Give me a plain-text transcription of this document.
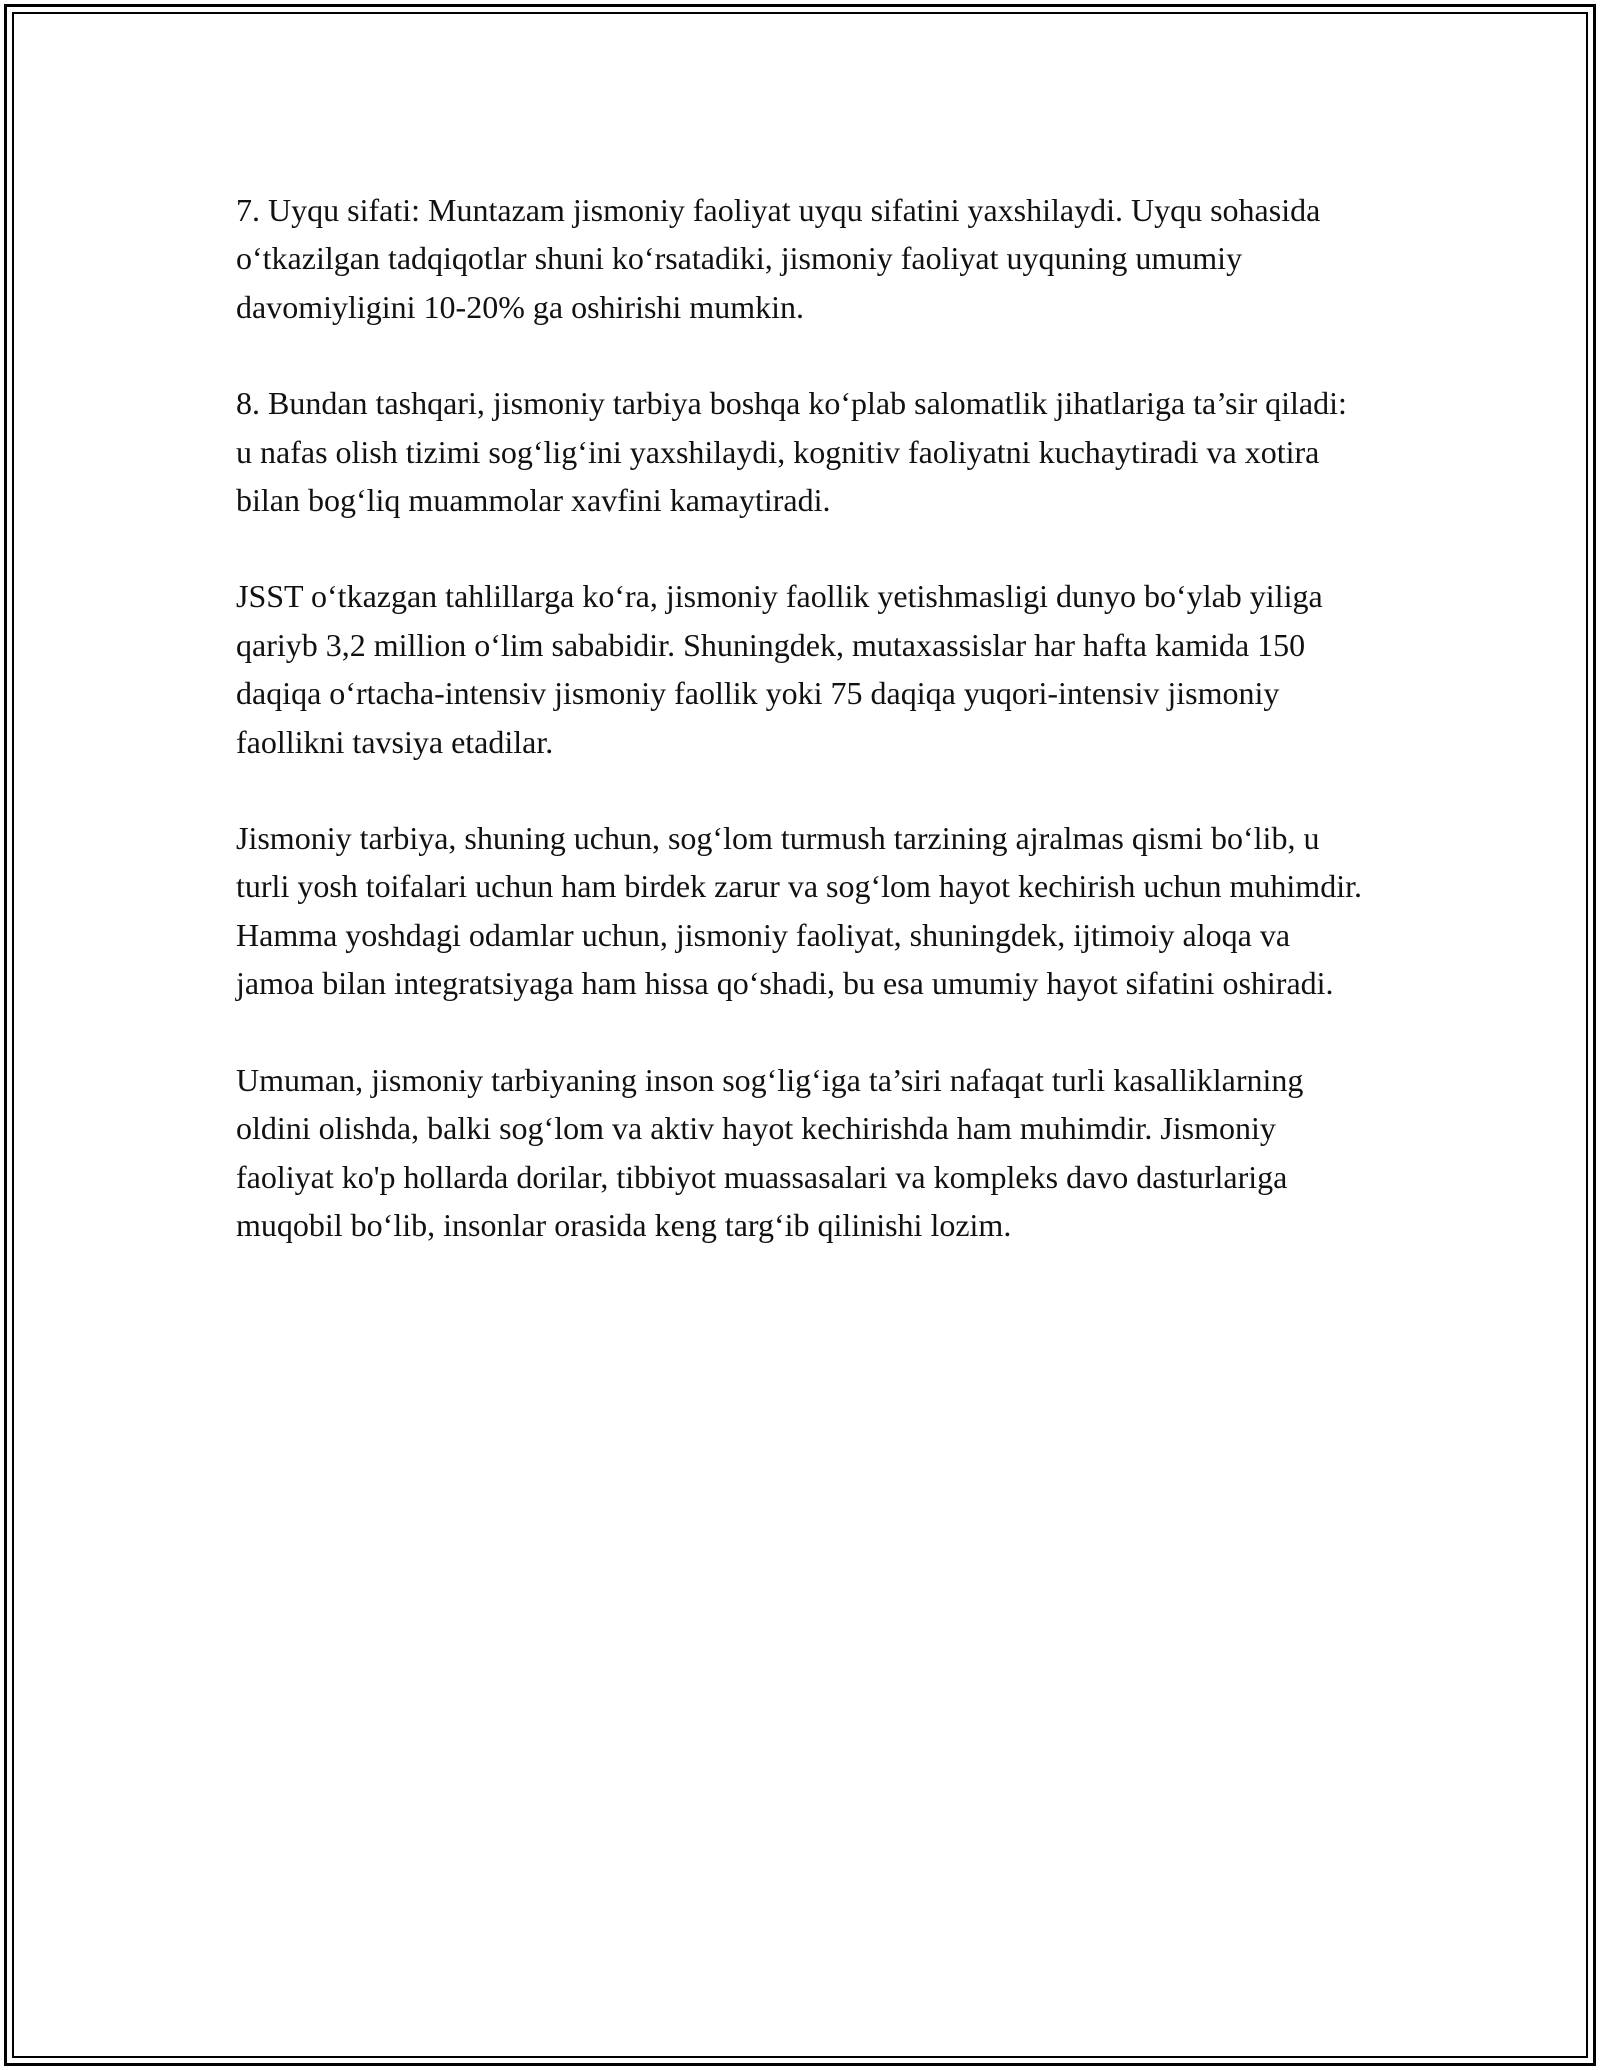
7. Uyqu sifati: Muntazam jismoniy faoliyat uyqu sifatini yaxshilaydi. Uyqu sohasida o‘tkazilgan tadqiqotlar shuni ko‘rsatadiki, jismoniy faoliyat uyquning umumiy davomiyligini 10-20% ga oshirishi mumkin.

8. Bundan tashqari, jismoniy tarbiya boshqa ko‘plab salomatlik jihatlariga ta’sir qiladi: u nafas olish tizimi sog‘lig‘ini yaxshilaydi, kognitiv faoliyatni kuchaytiradi va xotira bilan bog‘liq muammolar xavfini kamaytiradi.

JSST o‘tkazgan tahlillarga ko‘ra, jismoniy faollik yetishmasligi dunyo bo‘ylab yiliga qariyb 3,2 million o‘lim sababidir. Shuningdek, mutaxassislar har hafta kamida 150 daqiqa o‘rtacha-intensiv jismoniy faollik yoki 75 daqiqa yuqori-intensiv jismoniy faollikni tavsiya etadilar.

Jismoniy tarbiya, shuning uchun, sog‘lom turmush tarzining ajralmas qismi bo‘lib, u turli yosh toifalari uchun ham birdek zarur va sog‘lom hayot kechirish uchun muhimdir. Hamma yoshdagi odamlar uchun, jismoniy faoliyat, shuningdek, ijtimoiy aloqa va jamoa bilan integratsiyaga ham hissa qo‘shadi, bu esa umumiy hayot sifatini oshiradi.

Umuman, jismoniy tarbiyaning inson sog‘lig‘iga ta’siri nafaqat turli kasalliklarning oldini olishda, balki sog‘lom va aktiv hayot kechirishda ham muhimdir. Jismoniy faoliyat ko'p hollarda dorilar, tibbiyot muassasalari va kompleks davo dasturlariga muqobil bo‘lib, insonlar orasida keng targ‘ib qilinishi lozim.
